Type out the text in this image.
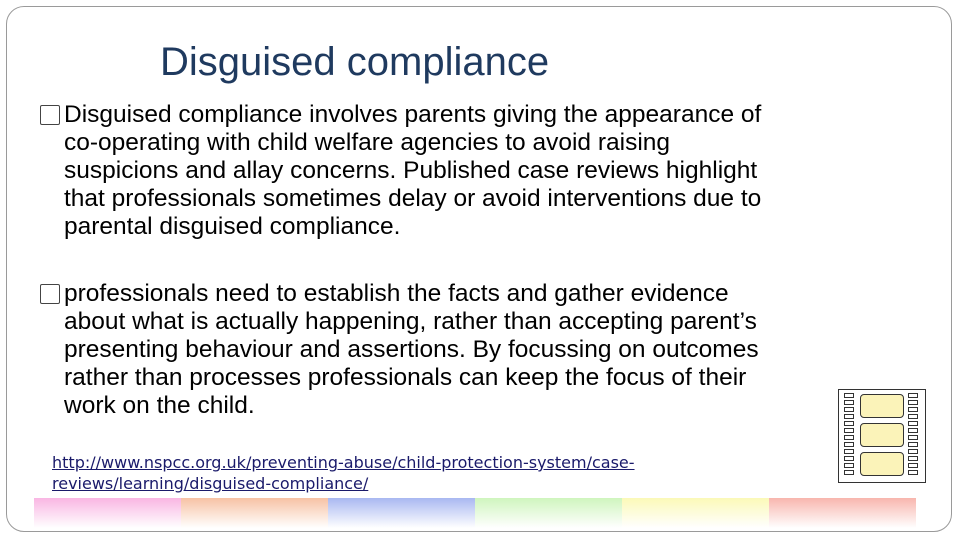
Disguised compliance
Disguised compliance involves parents giving the appearance of
co-operating with child welfare agencies to avoid raising
suspicions and allay concerns. Published case reviews highlight
that professionals sometimes delay or avoid interventions due to
parental disguised compliance.
professionals need to establish the facts and gather evidence
about what is actually happening, rather than accepting parent’s
presenting behaviour and assertions. By focussing on outcomes
rather than processes professionals can keep the focus of their
work on the child.
http://www.nspcc.org.uk/preventing-abuse/child-protection-system/case-
reviews/learning/disguised-compliance/
